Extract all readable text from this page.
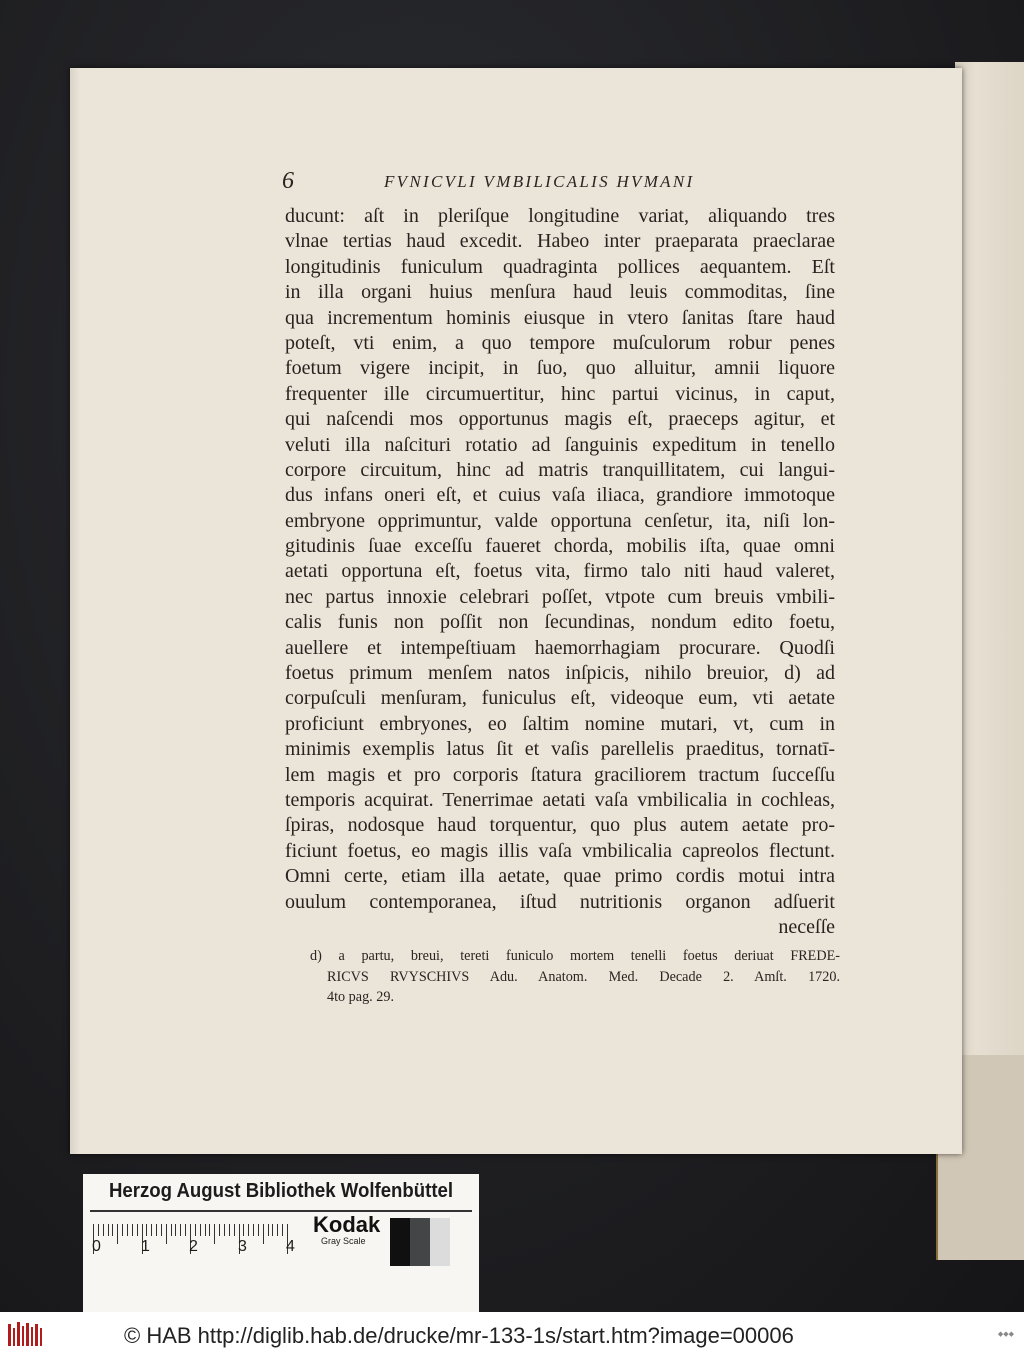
6	FVNICVLI VMBILICALIS HVMANI
ducunt: aſt in pleriſque longitudine variat, aliquando tres
vlnae tertias haud excedit. Habeo inter praeparata praeclarae
longitudinis funiculum quadraginta pollices aequantem. Eſt
in illa organi huius menſura haud leuis commoditas, ſine
qua incrementum hominis eiusque in vtero ſanitas ſtare haud
poteſt, vti enim, a quo tempore muſculorum robur penes
foetum vigere incipit, in ſuo, quo alluitur, amnii liquore
frequenter ille circumuertitur, hinc partui vicinus, in caput,
qui naſcendi mos opportunus magis eſt, praeceps agitur, et
veluti illa naſcituri rotatio ad ſanguinis expeditum in tenello
corpore circuitum, hinc ad matris tranquillitatem, cui langui-
dus infans oneri eſt, et cuius vaſa iliaca, grandiore immotoque
embryone opprimuntur, valde opportuna cenſetur, ita, niſi lon-
gitudinis ſuae exceſſu faueret chorda, mobilis iſta, quae omni
aetati opportuna eſt, foetus vita, firmo talo niti haud valeret,
nec partus innoxie celebrari poſſet, vtpote cum breuis vmbili-
calis funis non poſſit non ſecundinas, nondum edito foetu,
auellere et intempeſtiuam haemorrhagiam procurare. Quodſi
foetus primum menſem natos inſpicis, nihilo breuior, d) ad
corpuſculi menſuram, funiculus eſt, videoque eum, vti aetate
proficiunt embryones, eo ſaltim nomine mutari, vt, cum in
minimis exemplis latus ſit et vaſis parellelis praeditus, tornatī-
lem magis et pro corporis ſtatura graciliorem tractum ſucceſſu
temporis acquirat. Tenerrimae aetati vaſa vmbilicalia in cochleas,
ſpiras, nodosque haud torquentur, quo plus autem aetate pro-
ficiunt foetus, eo magis illis vaſa vmbilicalia capreolos flectunt.
Omni certe, etiam illa aetate, quae primo cordis motui intra
ouulum contemporanea, iſtud nutritionis organon adſuerit
neceſſe
d) a partu, breui, tereti funiculo mortem tenelli foetus deriuat FREDE-
RICVS RVYSCHIVS Adu. Anatom. Med. Decade 2. Amſt. 1720.
4to pag. 29.
Herzog August Bibliothek Wolfenbüttel
0	1 2	3 4
Kodak
Gray Scale
© HAB http://diglib.hab.de/drucke/mr-133-1s/start.htm?image=00006	◆◆◆
